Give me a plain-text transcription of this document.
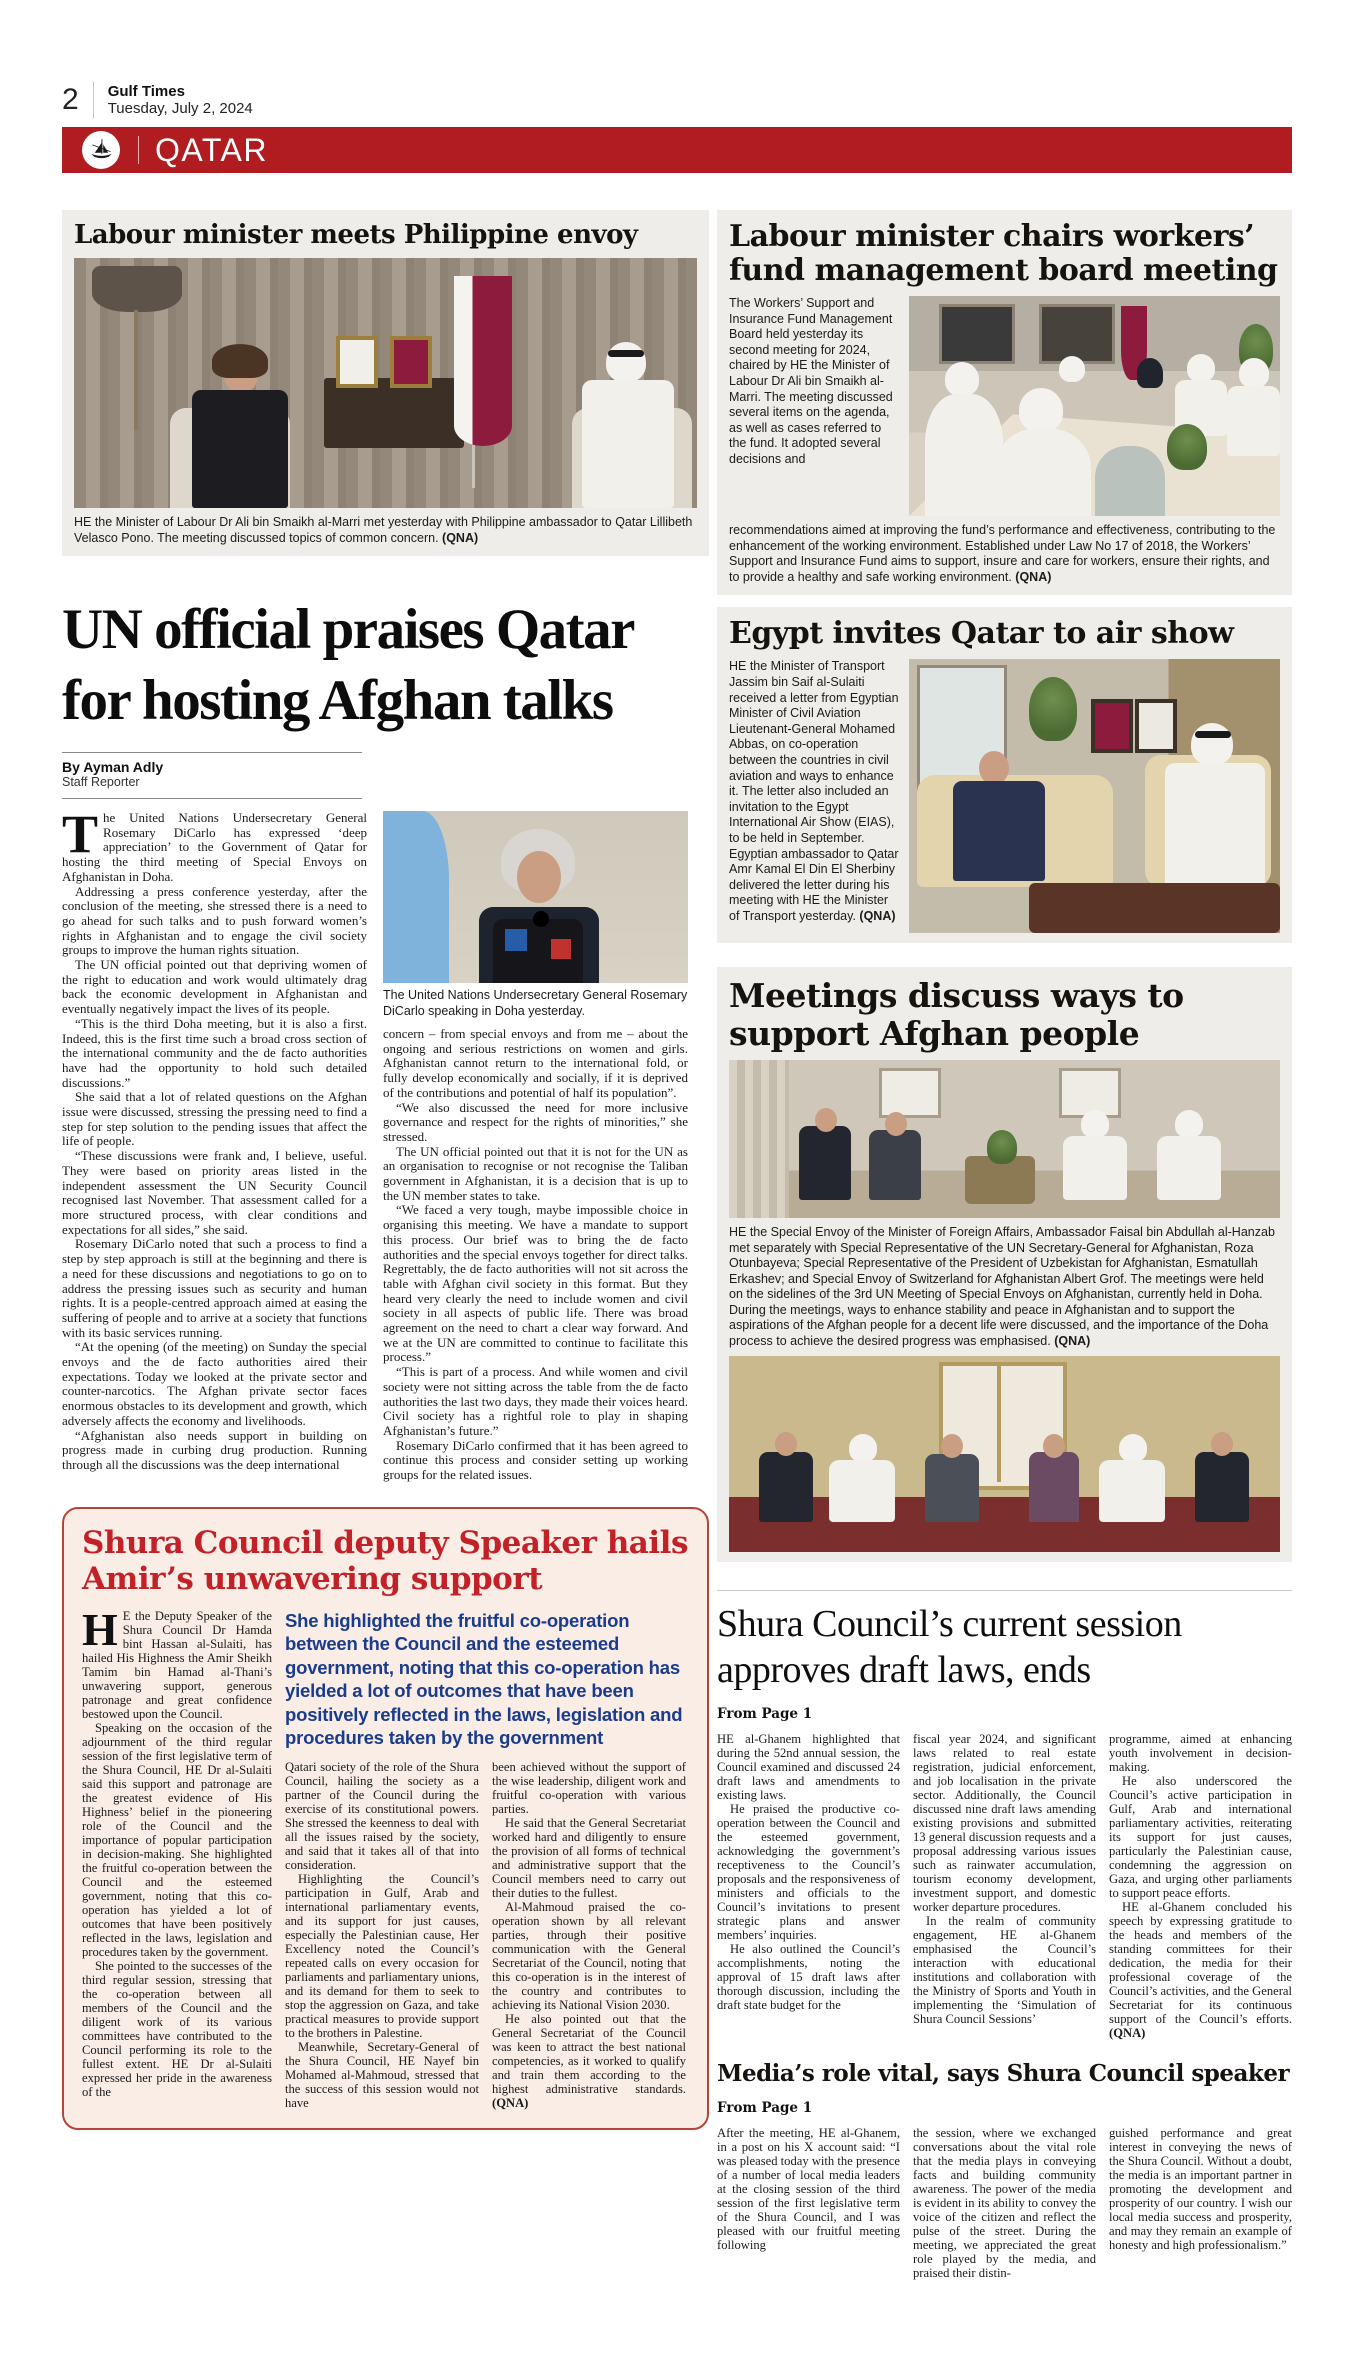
2 Gulf Times
Tuesday, July 2, 2024
QATAR
Labour minister meets Philippine envoy
HE the Minister of Labour Dr Ali bin Smaikh al-Marri met yesterday with Philippine ambassador to Qatar Lillibeth Velasco Pono. The meeting discussed topics of common concern. (QNA)
UN official praises Qatar for hosting Afghan talks
By Ayman Adly
Staff Reporter

The United Nations Undersecretary General Rosemary DiCarlo has expressed ‘deep appreciation’ to the Government of Qatar for hosting the third meeting of Special Envoys on Afghanistan in Doha.

Addressing a press conference yesterday, after the conclusion of the meeting, she stressed there is a need to go ahead for such talks and to push forward women’s rights in Afghanistan and to engage the civil society groups to improve the human rights situation.

The UN official pointed out that depriving women of the right to education and work would ultimately drag back the economic development in Afghanistan and eventually negatively impact the lives of its people.

“This is the third Doha meeting, but it is also a first. Indeed, this is the first time such a broad cross section of the international community and the de facto authorities have had the opportunity to hold such detailed discussions.”

She said that a lot of related questions on the Afghan issue were discussed, stressing the pressing need to find a step for step solution to the pending issues that affect the life of people.

“These discussions were frank and, I believe, useful. They were based on priority areas listed in the independent assessment the UN Security Council recognised last November. That assessment called for a more structured process, with clear conditions and expectations for all sides,” she said.

Rosemary DiCarlo noted that such a process to find a step by step approach is still at the beginning and there is a need for these discussions and negotiations to go on to address the pressing issues such as security and human rights. It is a people-centred approach aimed at easing the suffering of people and to arrive at a society that functions with its basic services running.

“At the opening (of the meeting) on Sunday the special envoys and the de facto authorities aired their expectations. Today we looked at the private sector and counter-narcotics. The Afghan private sector faces enormous obstacles to its development and growth, which adversely affects the economy and livelihoods.

“Afghanistan also needs support in building on progress made in curbing drug production. Running through all the discussions was the deep international

The United Nations Undersecretary General Rosemary DiCarlo speaking in Doha yesterday.

concern – from special envoys and from me – about the ongoing and serious restrictions on women and girls. Afghanistan cannot return to the international fold, or fully develop economically and socially, if it is deprived of the contributions and potential of half its population”.

“We also discussed the need for more inclusive governance and respect for the rights of minorities,” she stressed.

The UN official pointed out that it is not for the UN as an organisation to recognise or not recognise the Taliban government in Afghanistan, it is a decision that is up to the UN member states to take.

“We faced a very tough, maybe impossible choice in organising this meeting. We have a mandate to support this process. Our brief was to bring the de facto authorities and the special envoys together for direct talks. Regrettably, the de facto authorities will not sit across the table with Afghan civil society in this format. But they heard very clearly the need to include women and civil society in all aspects of public life. There was broad agreement on the need to chart a clear way forward. And we at the UN are committed to continue to facilitate this process.”

“This is part of a process. And while women and civil society were not sitting across the table from the de facto authorities the last two days, they made their voices heard. Civil society has a rightful role to play in shaping Afghanistan’s future.”

Rosemary DiCarlo confirmed that it has been agreed to continue this process and consider setting up working groups for the related issues.

Shura Council deputy Speaker hails Amir’s unwavering support

H E the Deputy Speaker of the Shura Council Dr Hamda bint Hassan al-Sulaiti, has hailed His Highness the Amir Sheikh Tamim bin Hamad al-Thani’s unwavering support, generous patronage and great confidence bestowed upon the Council.

Speaking on the occasion of the adjournment of the third regular session of the first legislative term of the Shura Council, HE Dr al-Sulaiti said this support and patronage are the greatest evidence of His Highness’ belief in the pioneering role of the Council and the importance of popular participation in decision-making. She highlighted the fruitful co-operation between the Council and the esteemed government, noting that this co-operation has yielded a lot of outcomes that have been positively reflected in the laws, legislation and procedures taken by the government.

She pointed to the successes of the third regular session, stressing that the co-operation between all members of the Council and the diligent work of its various committees have contributed to the Council performing its role to the fullest extent. HE Dr al-Sulaiti expressed her pride in the awareness of the

She highlighted the fruitful co-operation between the Council and the esteemed government, noting that this co-operation has yielded a lot of outcomes that have been positively reflected in the laws, legislation and procedures taken by the government

Qatari society of the role of the Shura Council, hailing the society as a partner of the Council during the exercise of its constitutional powers. She stressed the keenness to deal with all the issues raised by the society, and said that it takes all of that into consideration.

Highlighting the Council’s participation in Gulf, Arab and international parliamentary events, and its support for just causes, especially the Palestinian cause, Her Excellency noted the Council’s repeated calls on every occasion for parliaments and parliamentary unions, and its demand for them to seek to stop the aggression on Gaza, and take practical measures to provide support to the brothers in Palestine.

Meanwhile, Secretary-General of the Shura Council, HE Nayef bin Mohamed al-Mahmoud, stressed that the success of this session would not have

been achieved without the support of the wise leadership, diligent work and fruitful co-operation with various parties.

He said that the General Secretariat worked hard and diligently to ensure the provision of all forms of technical and administrative support that the Council members need to carry out their duties to the fullest.

Al-Mahmoud praised the co-operation shown by all relevant parties, through their positive communication with the General Secretariat of the Council, noting that this co-operation is in the interest of the country and contributes to achieving its National Vision 2030.

He also pointed out that the General Secretariat of the Council was keen to attract the best national competencies, as it worked to qualify and train them according to the highest administrative standards. (QNA)

Labour minister chairs workers’ fund management board meeting
The Workers’ Support and Insurance Fund Management Board held yesterday its second meeting for 2024, chaired by HE the Minister of Labour Dr Ali bin Smaikh al-Marri. The meeting discussed several items on the agenda, as well as cases referred to the fund. It adopted several decisions and
recommendations aimed at improving the fund’s performance and effectiveness, contributing to the enhancement of the working environment. Established under Law No 17 of 2018, the Workers’ Support and Insurance Fund aims to support, insure and care for workers, ensure their rights, and to provide a healthy and safe working environment. (QNA)
Egypt invites Qatar to air show
HE the Minister of Transport Jassim bin Saif al-Sulaiti received a letter from Egyptian Minister of Civil Aviation Lieutenant-General Mohamed Abbas, on co-operation between the countries in civil aviation and ways to enhance it. The letter also included an invitation to the Egypt International Air Show (EIAS), to be held in September. Egyptian ambassador to Qatar Amr Kamal El Din El Sherbiny delivered the letter during his meeting with HE the Minister of Transport yesterday. (QNA)
Meetings discuss ways to support Afghan people
HE the Special Envoy of the Minister of Foreign Affairs, Ambassador Faisal bin Abdullah al-Hanzab met separately with Special Representative of the UN Secretary-General for Afghanistan, Roza Otunbayeva; Special Representative of the President of Uzbekistan for Afghanistan, Esmatullah Erkashev; and Special Envoy of Switzerland for Afghanistan Albert Grof. The meetings were held on the sidelines of the 3rd UN Meeting of Special Envoys on Afghanistan, currently held in Doha. During the meetings, ways to enhance stability and peace in Afghanistan and to support the aspirations of the Afghan people for a decent life were discussed, and the importance of the Doha process to achieve the desired progress was emphasised. (QNA)
Shura Council’s current session approves draft laws, ends
From Page 1

HE al-Ghanem highlighted that during the 52nd annual session, the Council examined and discussed 24 draft laws and amendments to existing laws.

He praised the productive co-operation between the Council and the esteemed government, acknowledging the government’s receptiveness to the Council’s proposals and the responsiveness of ministers and officials to the Council’s invitations to present strategic plans and answer members’ inquiries.

He also outlined the Council’s accomplishments, noting the approval of 15 draft laws after thorough discussion, including the draft state budget for the

fiscal year 2024, and significant laws related to real estate registration, judicial enforcement, and job localisation in the private sector. Additionally, the Council discussed nine draft laws amending existing provisions and submitted 13 general discussion requests and a proposal addressing various issues such as rainwater accumulation, tourism economy development, investment support, and domestic worker departure procedures.

In the realm of community engagement, HE al-Ghanem emphasised the Council’s interaction with educational institutions and collaboration with the Ministry of Sports and Youth in implementing the ‘Simulation of Shura Council Sessions’

programme, aimed at enhancing youth involvement in decision-making.

He also underscored the Council’s active participation in Gulf, Arab and international parliamentary activities, reiterating its support for just causes, particularly the Palestinian cause, condemning the aggression on Gaza, and urging other parliaments to support peace efforts.

HE al-Ghanem concluded his speech by expressing gratitude to the heads and members of the standing committees for their dedication, the media for their professional coverage of the Council’s activities, and the General Secretariat for its continuous support of the Council’s efforts. (QNA)

Media’s role vital, says Shura Council speaker
From Page 1

After the meeting, HE al-Ghanem, in a post on his X account said: “I was pleased today with the presence of a number of local media leaders at the closing session of the third session of the first legislative term of the Shura Council, and I was pleased with our fruitful meeting following

the session, where we exchanged conversations about the vital role that the media plays in conveying facts and building community awareness. The power of the media is evident in its ability to convey the voice of the citizen and reflect the pulse of the street. During the meeting, we appreciated the great role played by the media, and praised their distin-

guished performance and great interest in conveying the news of the Shura Council. Without a doubt, the media is an important partner in promoting the development and prosperity of our country. I wish our local media success and prosperity, and may they remain an example of honesty and high professionalism.”
